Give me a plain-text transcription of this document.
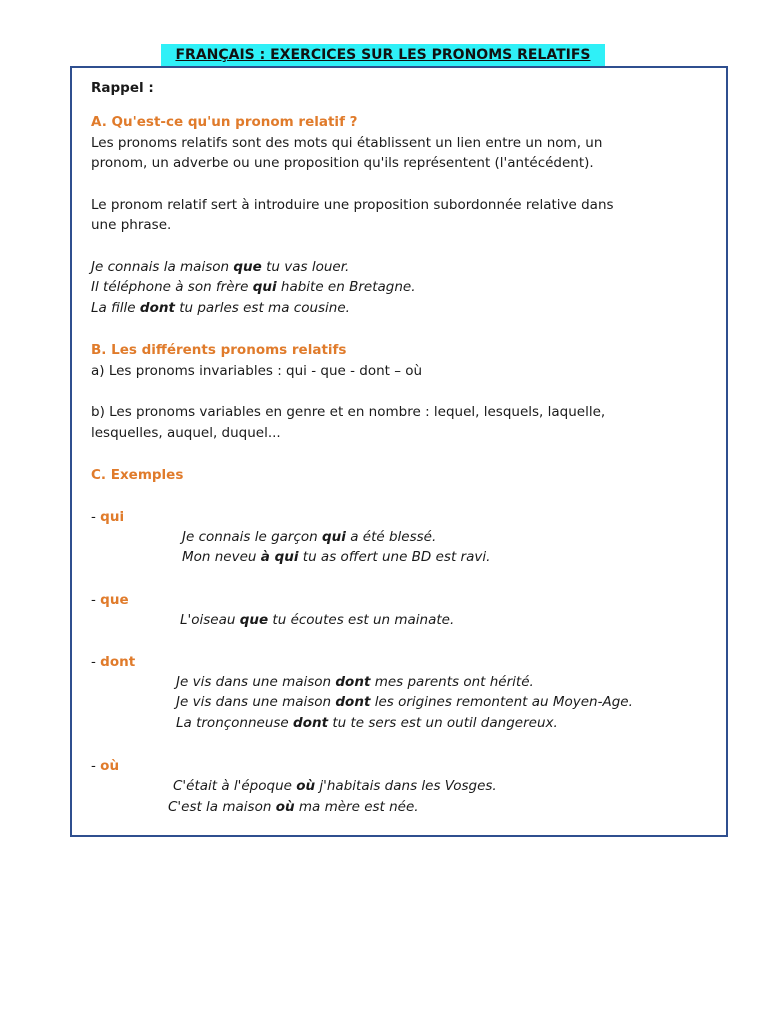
FRANÇAIS : EXERCICES SUR LES PRONOMS RELATIFS
Rappel :
A. Qu'est-ce qu'un pronom relatif ?
Les pronoms relatifs sont des mots qui établissent un lien entre un nom, un
pronom, un adverbe ou une proposition qu'ils représentent (l'antécédent).
Le pronom relatif sert à introduire une proposition subordonnée relative dans
une phrase.
Je connais la maison que tu vas louer.
Il téléphone à son frère qui habite en Bretagne.
La fille dont tu parles est ma cousine.
B. Les différents pronoms relatifs
a) Les pronoms invariables : qui - que - dont – où
b) Les pronoms variables en genre et en nombre : lequel, lesquels, laquelle,
lesquelles, auquel, duquel...
C. Exemples
- qui
Je connais le garçon qui a été blessé.
Mon neveu à qui tu as offert une BD est ravi.
- que
L'oiseau que tu écoutes est un mainate.
- dont
Je vis dans une maison dont mes parents ont hérité.
Je vis dans une maison dont les origines remontent au Moyen-Age.
La tronçonneuse dont tu te sers est un outil dangereux.
- où
C'était à l'époque où j'habitais dans les Vosges.
C'est la maison où ma mère est née.
